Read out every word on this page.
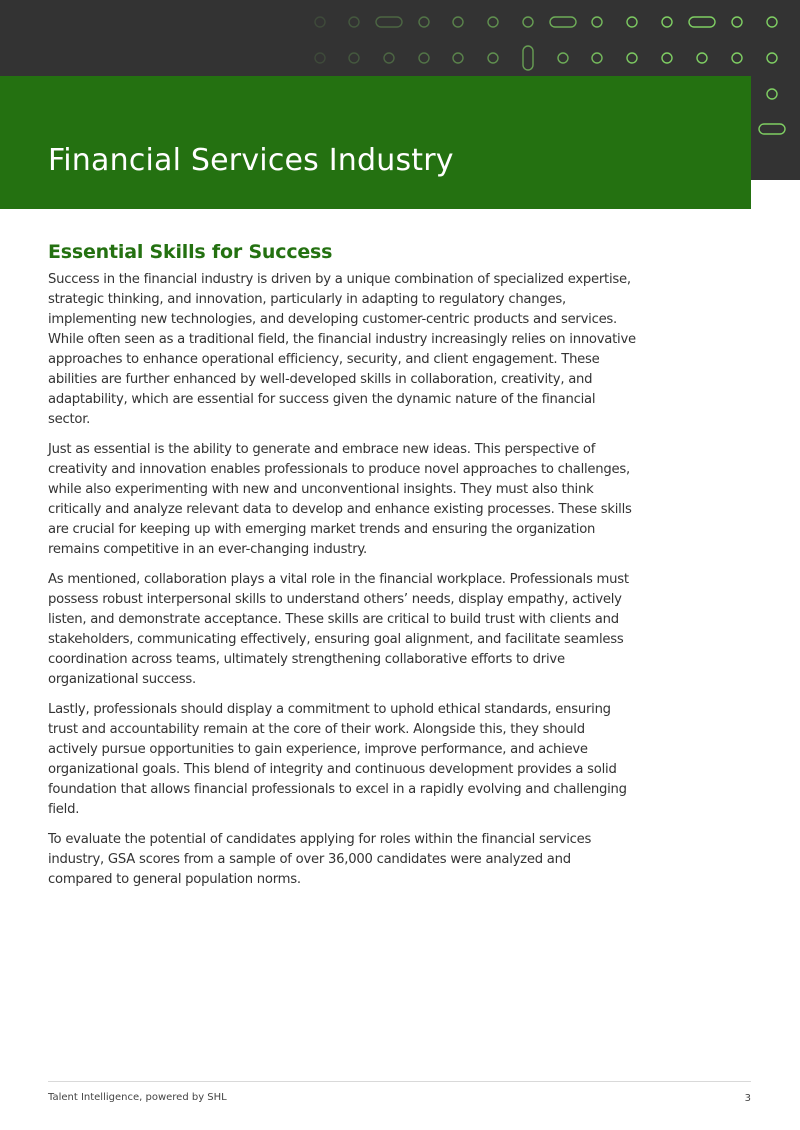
Financial Services Industry
Essential Skills for Success

Success in the financial industry is driven by a unique combination of specialized expertise, strategic thinking, and innovation, particularly in adapting to regulatory changes, implementing new technologies, and developing customer-centric products and services. While often seen as a traditional field, the financial industry increasingly relies on innovative approaches to enhance operational efficiency, security, and client engagement. These abilities are further enhanced by well-developed skills in collaboration, creativity, and adaptability, which are essential for success given the dynamic nature of the financial sector.

Just as essential is the ability to generate and embrace new ideas. This perspective of creativity and innovation enables professionals to produce novel approaches to challenges, while also experimenting with new and unconventional insights. They must also think critically and analyze relevant data to develop and enhance existing processes. These skills are crucial for keeping up with emerging market trends and ensuring the organization remains competitive in an ever-changing industry.

As mentioned, collaboration plays a vital role in the financial workplace. Professionals must possess robust interpersonal skills to understand others’ needs, display empathy, actively listen, and demonstrate acceptance. These skills are critical to build trust with clients and stakeholders, communicating effectively, ensuring goal alignment, and facilitate seamless coordination across teams, ultimately strengthening collaborative efforts to drive organizational success.

Lastly, professionals should display a commitment to uphold ethical standards, ensuring trust and accountability remain at the core of their work. Alongside this, they should actively pursue opportunities to gain experience, improve performance, and achieve organizational goals. This blend of integrity and continuous development provides a solid foundation that allows financial professionals to excel in a rapidly evolving and challenging field.

To evaluate the potential of candidates applying for roles within the financial services industry, GSA scores from a sample of over 36,000 candidates were analyzed and compared to general population norms.

Talent Intelligence, powered by SHL	3
